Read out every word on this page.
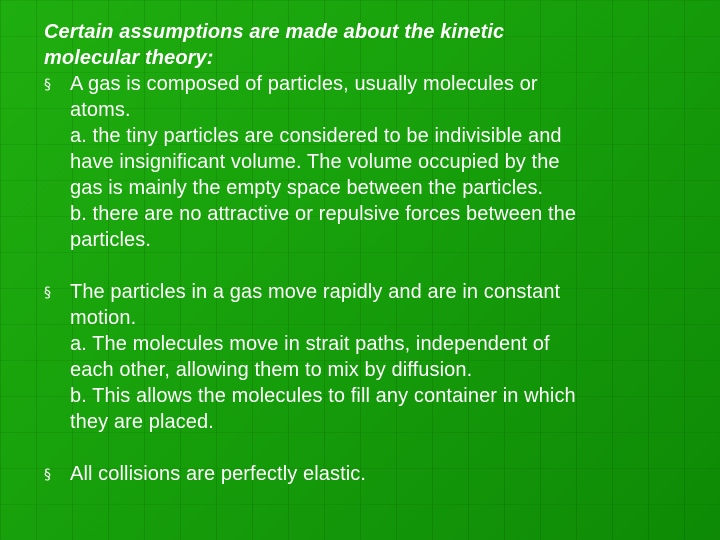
Certain assumptions are made about the kinetic
molecular theory:
§
A gas is composed of particles, usually molecules or
atoms.
a. the tiny particles are considered to be indivisible and
have insignificant volume. The volume occupied by the
gas is mainly the empty space between the particles.
b. there are no attractive or repulsive forces between the
particles.
§
The particles in a gas move rapidly and are in constant
motion.
a. The molecules move in strait paths, independent of
each other, allowing them to mix by diffusion.
b. This allows the molecules to fill any container in which
they are placed.
§
All collisions are perfectly elastic.
